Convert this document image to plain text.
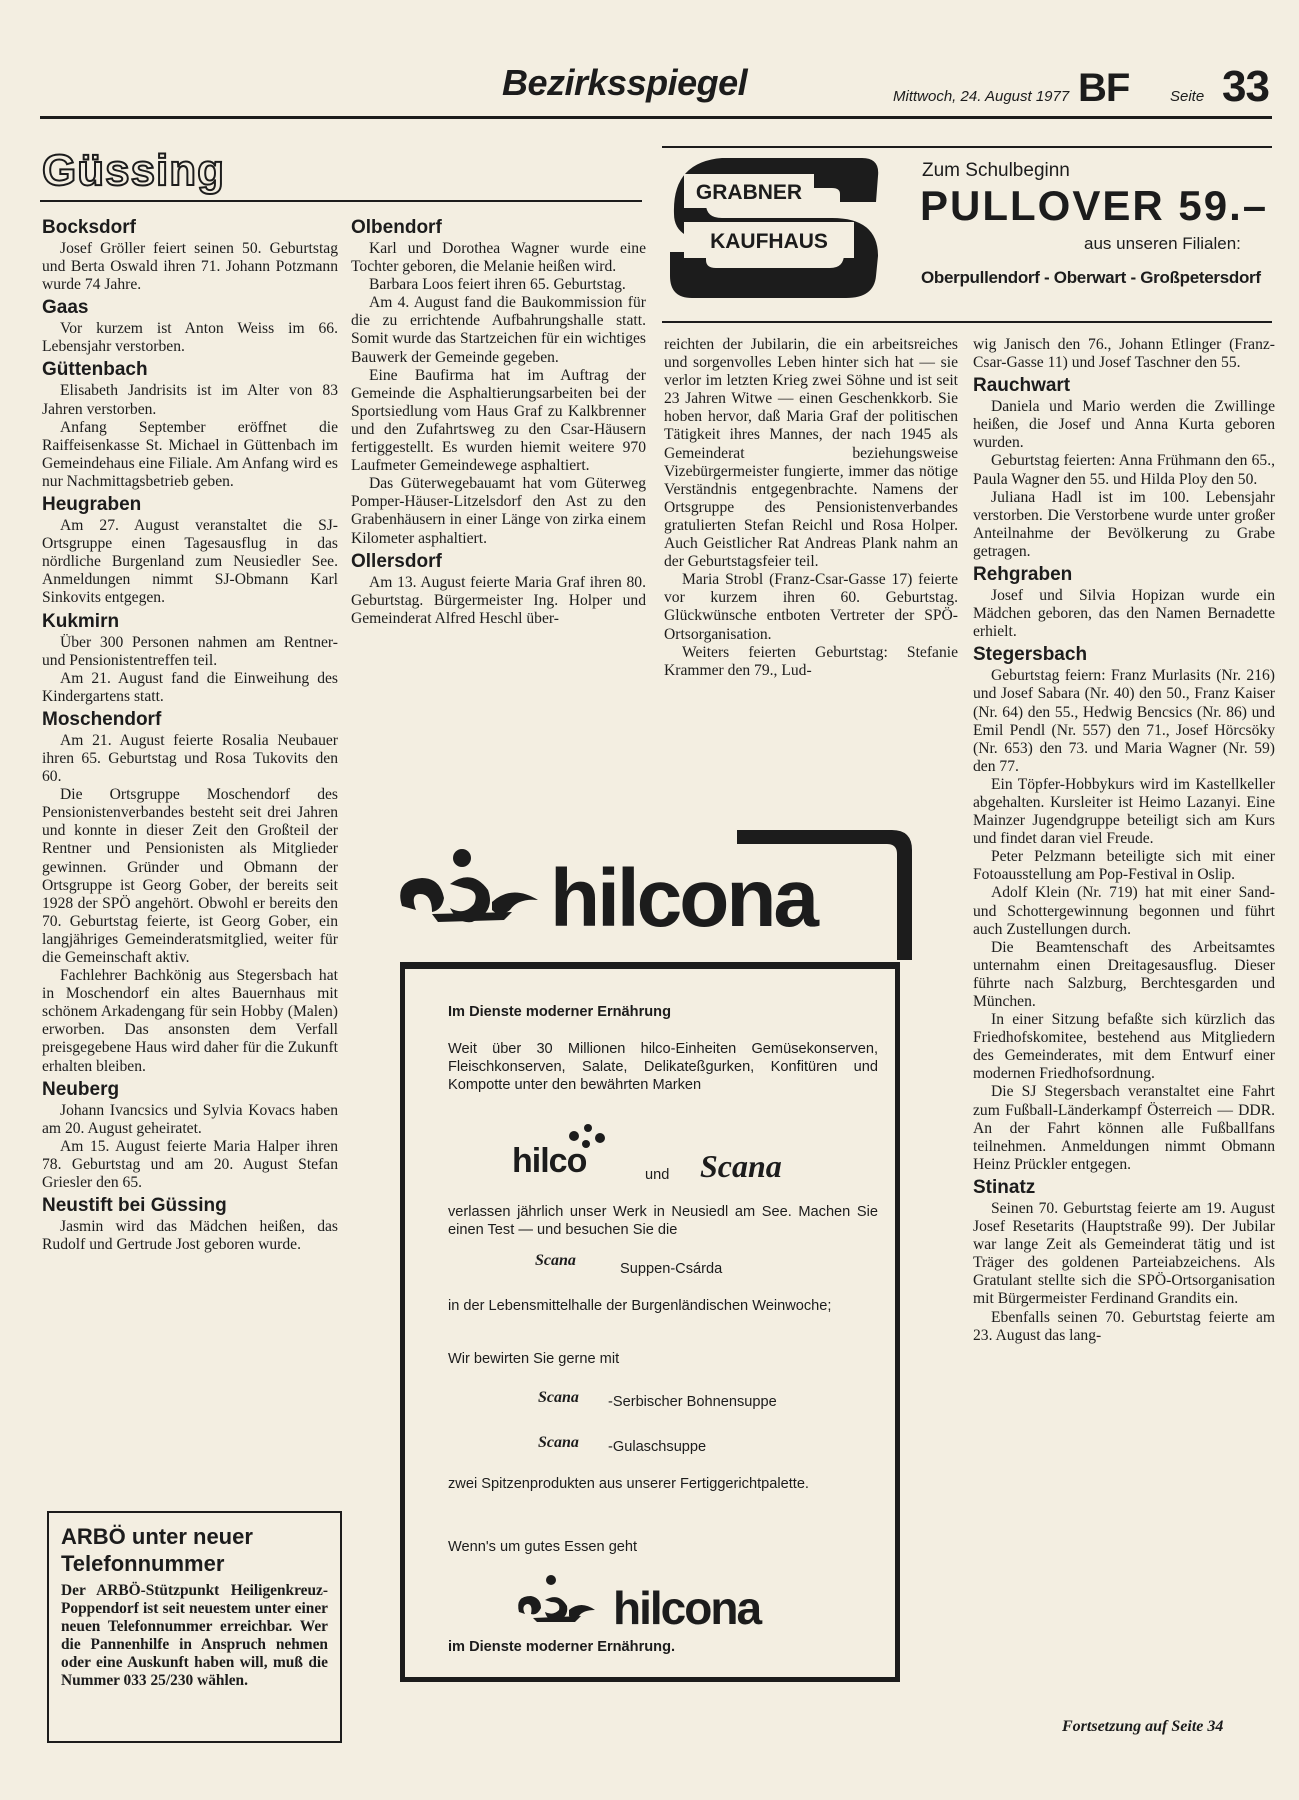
Bezirksspiegel	Mittwoch, 24. August 1977 BF	Seite 33
Güssing
Bocksdorf
Josef Gröller feiert seinen 50. Geburtstag und Berta Oswald ihren 71. Johann Potzmann wurde 74 Jahre.
Gaas
Vor kurzem ist Anton Weiss im 66. Lebensjahr verstorben.
Güttenbach
Elisabeth Jandrisits ist im Alter von 83 Jahren verstorben.
Anfang September eröffnet die Raiffeisenkasse St. Michael in Güttenbach im Gemeindehaus eine Filiale. Am Anfang wird es nur Nachmittagsbetrieb geben.
Heugraben
Am 27. August veranstaltet die SJ-Ortsgruppe einen Tagesausflug in das nördliche Burgenland zum Neusiedler See. Anmeldungen nimmt SJ-Obmann Karl Sinkovits entgegen.
Kukmirn
Über 300 Personen nahmen am Rentner- und Pensionistentreffen teil.
Am 21. August fand die Einweihung des Kindergartens statt.
Moschendorf
Am 21. August feierte Rosalia Neubauer ihren 65. Geburtstag und Rosa Tukovits den 60.
Die Ortsgruppe Moschendorf des Pensionistenverbandes besteht seit drei Jahren und konnte in dieser Zeit den Großteil der Rentner und Pensionisten als Mitglieder gewinnen. Gründer und Obmann der Ortsgruppe ist Georg Gober, der bereits seit 1928 der SPÖ angehört. Obwohl er bereits den 70. Geburtstag feierte, ist Georg Gober, ein langjähriges Gemeinderatsmitglied, weiter für die Gemeinschaft aktiv.
Fachlehrer Bachkönig aus Stegersbach hat in Moschendorf ein altes Bauernhaus mit schönem Arkadengang für sein Hobby (Malen) erworben. Das ansonsten dem Verfall preisgegebene Haus wird daher für die Zukunft erhalten bleiben.
Neuberg
Johann Ivancsics und Sylvia Kovacs haben am 20. August geheiratet.
Am 15. August feierte Maria Halper ihren 78. Geburtstag und am 20. August Stefan Griesler den 65.
Neustift bei Güssing
Jasmin wird das Mädchen heißen, das Rudolf und Gertrude Jost geboren wurde.
Olbendorf
Karl und Dorothea Wagner wurde eine Tochter geboren, die Melanie heißen wird.
Barbara Loos feiert ihren 65. Geburtstag.
Am 4. August fand die Baukommission für die zu errichtende Aufbahrungshalle statt. Somit wurde das Startzeichen für ein wichtiges Bauwerk der Gemeinde gegeben.
Eine Baufirma hat im Auftrag der Gemeinde die Asphaltierungsarbeiten bei der Sportsiedlung vom Haus Graf zu Kalkbrenner und den Zufahrtsweg zu den Csar-Häusern fertiggestellt. Es wurden hiemit weitere 970 Laufmeter Gemeindewege asphaltiert.
Das Güterwegebauamt hat vom Güterweg Pomper-Häuser-Litzelsdorf den Ast zu den Grabenhäusern in einer Länge von zirka einem Kilometer asphaltiert.
Ollersdorf
Am 13. August feierte Maria Graf ihren 80. Geburtstag. Bürgermeister Ing. Holper und Gemeinderat Alfred Heschl über-
reichten der Jubilarin, die ein arbeitsreiches und sorgenvolles Leben hinter sich hat — sie verlor im letzten Krieg zwei Söhne und ist seit 23 Jahren Witwe — einen Geschenkkorb. Sie hoben hervor, daß Maria Graf der politischen Tätigkeit ihres Mannes, der nach 1945 als Gemeinderat beziehungsweise Vizebürgermeister fungierte, immer das nötige Verständnis entgegenbrachte. Namens der Ortsgruppe des Pensionistenverbandes gratulierten Stefan Reichl und Rosa Holper. Auch Geistlicher Rat Andreas Plank nahm an der Geburtstagsfeier teil.
Maria Strobl (Franz-Csar-Gasse 17) feierte vor kurzem ihren 60. Geburtstag. Glückwünsche entboten Vertreter der SPÖ-Ortsorganisation.
Weiters feierten Geburtstag: Stefanie Krammer den 79., Lud-
wig Janisch den 76., Johann Etlinger (Franz-Csar-Gasse 11) und Josef Taschner den 55.
Rauchwart
Daniela und Mario werden die Zwillinge heißen, die Josef und Anna Kurta geboren wurden.
Geburtstag feierten: Anna Frühmann den 65., Paula Wagner den 55. und Hilda Ploy den 50.
Juliana Hadl ist im 100. Lebensjahr verstorben. Die Verstorbene wurde unter großer Anteilnahme der Bevölkerung zu Grabe getragen.
Rehgraben
Josef und Silvia Hopizan wurde ein Mädchen geboren, das den Namen Bernadette erhielt.
Stegersbach
Geburtstag feiern: Franz Murlasits (Nr. 216) und Josef Sabara (Nr. 40) den 50., Franz Kaiser (Nr. 64) den 55., Hedwig Bencsics (Nr. 86) und Emil Pendl (Nr. 557) den 71., Josef Hörcsöky (Nr. 653) den 73. und Maria Wagner (Nr. 59) den 77.
Ein Töpfer-Hobbykurs wird im Kastellkeller abgehalten. Kursleiter ist Heimo Lazanyi. Eine Mainzer Jugendgruppe beteiligt sich am Kurs und findet daran viel Freude.
Peter Pelzmann beteiligte sich mit einer Fotoausstellung am Pop-Festival in Oslip.
Adolf Klein (Nr. 719) hat mit einer Sand- und Schottergewinnung begonnen und führt auch Zustellungen durch.
Die Beamtenschaft des Arbeitsamtes unternahm einen Dreitagesausflug. Dieser führte nach Salzburg, Berchtesgarden und München.
In einer Sitzung befaßte sich kürzlich das Friedhofskomitee, bestehend aus Mitgliedern des Gemeinderates, mit dem Entwurf einer modernen Friedhofsordnung.
Die SJ Stegersbach veranstaltet eine Fahrt zum Fußball-Länderkampf Österreich — DDR. An der Fahrt können alle Fußballfans teilnehmen. Anmeldungen nimmt Obmann Heinz Prückler entgegen.
Stinatz
Seinen 70. Geburtstag feierte am 19. August Josef Resetarits (Hauptstraße 99). Der Jubilar war lange Zeit als Gemeinderat tätig und ist Träger des goldenen Parteiabzeichens. Als Gratulant stellte sich die SPÖ-Ortsorganisation mit Bürgermeister Ferdinand Grandits ein.
Ebenfalls seinen 70. Geburtstag feierte am 23. August das lang-
GRABNER
KAUFHAUS
Zum Schulbeginn
PULLOVER 59.–
aus unseren Filialen:
Oberpullendorf - Oberwart - Großpetersdorf
hilcona
Im Dienste moderner Ernährung
Weit über 30 Millionen hilco-Einheiten Gemüsekonserven, Fleischkonserven, Salate, Delikateßgurken, Konfitüren und Kompotte unter den bewährten Marken
hilco	und Scana
verlassen jährlich unser Werk in Neusiedl am See. Machen Sie einen Test — und besuchen Sie die
Scana	Suppen-Csárda
in der Lebensmittelhalle der Burgenländischen Weinwoche;
Wir bewirten Sie gerne mit
Scana -Serbischer Bohnensuppe
Scana -Gulaschsuppe
zwei Spitzenprodukten aus unserer Fertiggerichtpalette.
Wenn's um gutes Essen geht
hilcona
im Dienste moderner Ernährung.
ARBÖ unter neuer Telefonnummer
Der ARBÖ-Stützpunkt Heiligenkreuz-Poppendorf ist seit neuestem unter einer neuen Telefonnummer erreichbar. Wer die Pannenhilfe in Anspruch nehmen oder eine Auskunft haben will, muß die Nummer 033 25/230 wählen.
Fortsetzung auf Seite 34
